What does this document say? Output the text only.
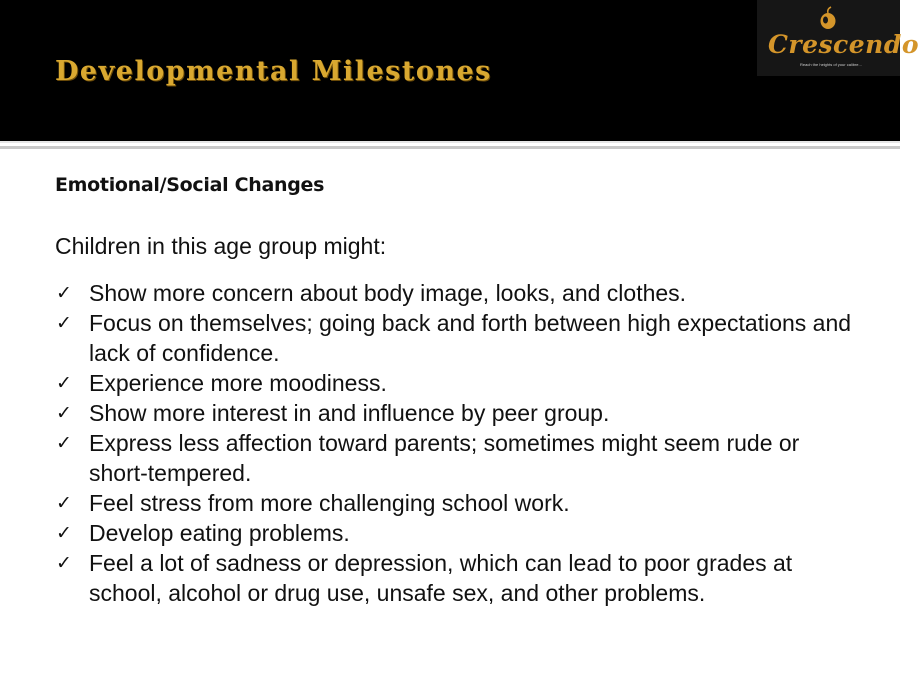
Developmental Milestones
Crescendo
Reach the heights of your calibre...
Emotional/Social Changes
Children in this age group might:
✓ Show more concern about body image, looks, and clothes.
✓ Focus on themselves; going back and forth between high expectations and lack of confidence.
✓ Experience more moodiness.
✓ Show more interest in and influence by peer group.
✓ Express less affection toward parents; sometimes might seem rude or short-tempered.
✓ Feel stress from more challenging school work.
✓ Develop eating problems.
✓ Feel a lot of sadness or depression, which can lead to poor grades at school, alcohol or drug use, unsafe sex, and other problems.
